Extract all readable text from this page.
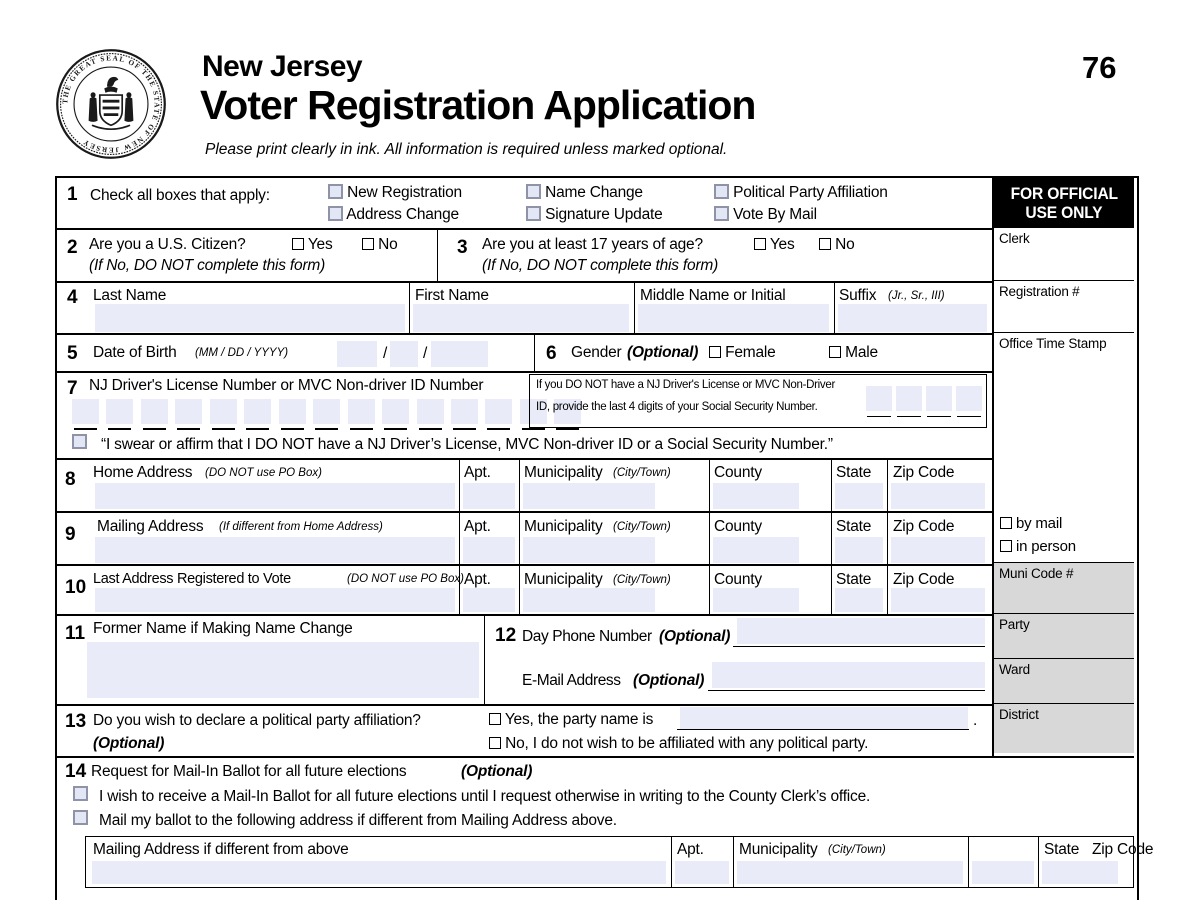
THE GREAT SEAL OF THE STATE OF NEW JERSEY
New Jersey
Voter Registration Application
Please print clearly in ink. All information is required unless marked optional.
76
1 Check all boxes that apply:	New Registration	Name Change	Political Party Affiliation
Address Change	Signature Update	Vote By Mail
2 Are you a U.S. Citizen?	Yes	No
(If No, DO NOT complete this form)
3 Are you at least 17 years of age?	Yes	No
(If No, DO NOT complete this form)
4 Last Name	First Name	Middle Name or Initial	Suffix (Jr., Sr., III)
5 Date of Birth (MM / DD / YYYY)	/ /	6 Gender (Optional)	Female	Male
7 NJ Driver's License Number or MVC Non-driver ID Number

	If you DO NOT have a NJ Driver's License or MVC Non-Driver
ID, provide the last 4 digits of your Social Security Number.
“I swear or affirm that I DO NOT have a NJ Driver’s License, MVC Non-driver ID or a Social Security Number.”
8 Home Address (DO NOT use PO Box)	Apt. Municipality (City/Town)	County	State Zip Code
9 Mailing Address (If different from Home Address)	Apt. Municipality (City/Town)	County	State Zip Code
10 Last Address Registered to Vote	(DO NOT use PO Box) Apt. Municipality (City/Town)	County	State Zip Code
11 Former Name if Making Name Change	12 Day Phone Number (Optional)
E-Mail Address (Optional)
13 Do you wish to declare a political party affiliation?
(Optional)
Yes, the party name is	.
No, I do not wish to be affiliated with any political party.
14 Request for Mail-In Ballot for all future elections	(Optional)
I wish to receive a Mail-In Ballot for all future elections until I request otherwise in writing to the County Clerk’s office.
Mail my ballot to the following address if different from Mailing Address above.
Mailing Address if different from above	Apt. Municipality (City/Town)	State Zip Code
FOR OFFICIAL
USE ONLY
Clerk
Registration #
Office Time Stamp
by mail
in person
Muni Code #
Party
Ward
District
